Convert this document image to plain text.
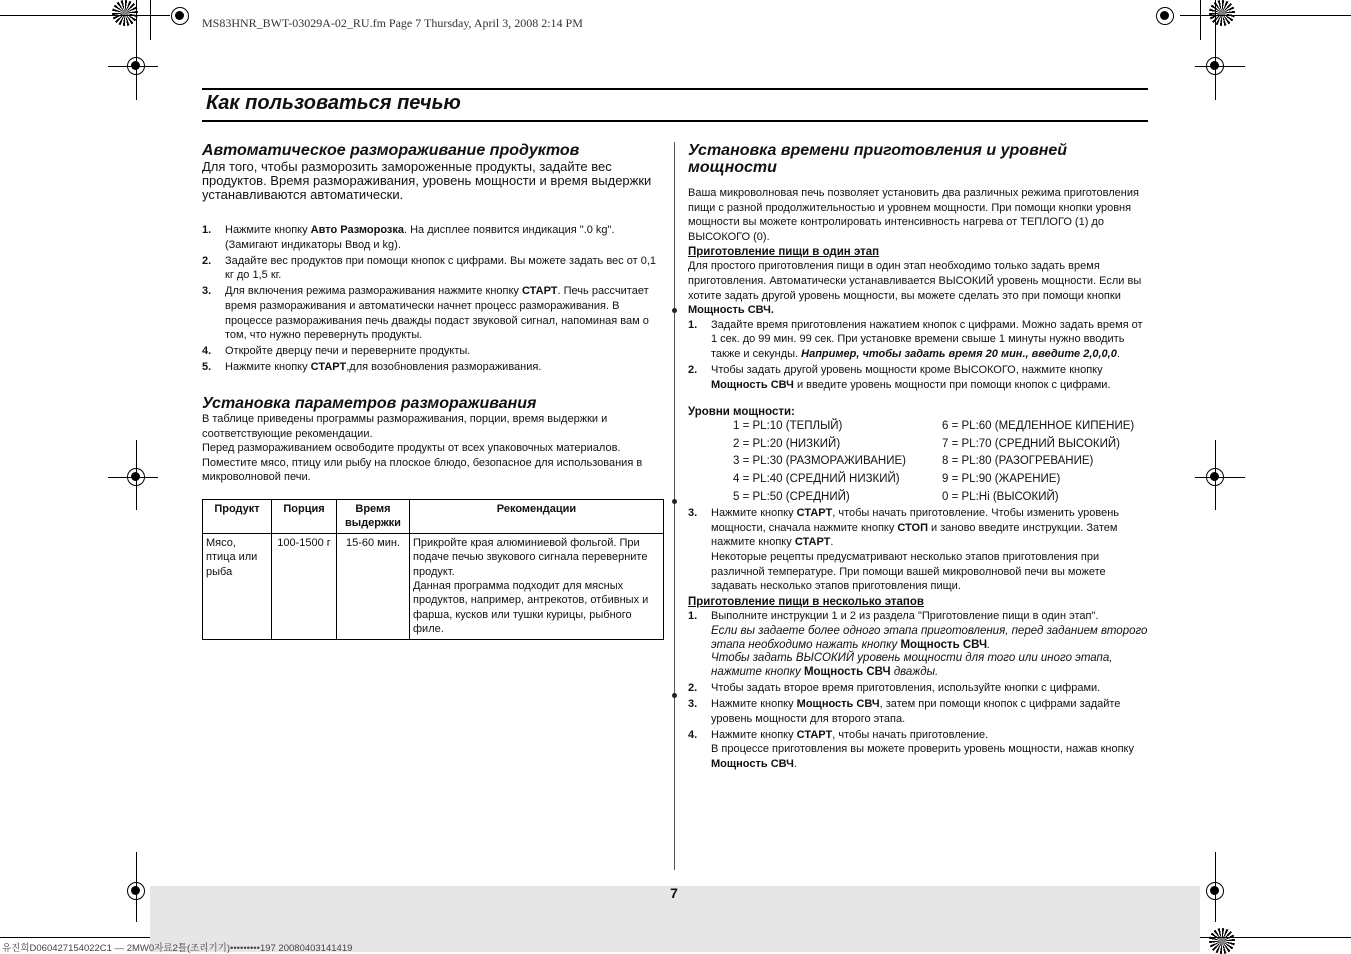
MS83HNR_BWT-03029A-02_RU.fm Page 7 Thursday, April 3, 2008 2:14 PM
Как пользоваться печью
Автоматическое размораживание продуктов

Для того, чтобы разморозить замороженные продукты, задайте вес продуктов. Время размораживания, уровень мощности и время выдержки устанавливаются автоматически.

1. Нажмите кнопку Авто Разморозка. На дисплее появится индикация ".0 kg". (Замигают индикаторы Ввод и kg).
2. Задайте вес продуктов при помощи кнопок с цифрами. Вы можете задать вес от 0,1 кг до 1,5 кг.
3. Для включения режима размораживания нажмите кнопку СТАРТ. Печь рассчитает время размораживания и автоматически начнет процесс размораживания. В процессе размораживания печь дважды подаст звуковой сигнал, напоминая вам о том, что нужно перевернуть продукты.
4. Откройте дверцу печи и переверните продукты.
5. Нажмите кнопку СТАРТ,для возобновления размораживания.
Установка параметров размораживания
В таблице приведены программы размораживания, порции, время выдержки и соответствующие рекомендации.
Перед размораживанием освободите продукты от всех упаковочных материалов. Поместите мясо, птицу или рыбу на плоское блюдо, безопасное для использования в микроволновой печи.
Продукт	Порция	Время выдержки	Рекомендации
Мясо, птица или рыба	100-1500 г	15-60 мин.	Прикройте края алюминиевой фольгой. При подаче печью звукового сигнала переверните продукт.
Данная программа подходит для мясных продуктов, например, антрекотов, отбивных и фарша, кусков или тушки курицы, рыбного филе.
Установка времени приготовления и уровней мощности
Ваша микроволновая печь позволяет установить два различных режима приготовления пищи с разной продолжительностью и уровнем мощности. При помощи кнопки уровня мощности вы можете контролировать интенсивность нагрева от ТЕПЛОГО (1) до ВЫСОКОГО (0).
Приготовление пищи в один этап
Для простого приготовления пищи в один этап необходимо только задать время приготовления. Автоматически устанавливается ВЫСОКИЙ уровень мощности. Если вы хотите задать другой уровень мощности, вы можете сделать это при помощи кнопки Мощность СВЧ.
1. Задайте время приготовления нажатием кнопок с цифрами. Можно задать время от 1 сек. до 99 мин. 99 сек. При установке времени свыше 1 минуты нужно вводить также и секунды. Например, чтобы задать время 20 мин., введите 2,0,0,0.
2. Чтобы задать другой уровень мощности кроме ВЫСОКОГО, нажмите кнопку Мощность СВЧ и введите уровень мощности при помощи кнопок с цифрами.
Уровни мощности:
1 = PL:10 (ТЕПЛЫЙ)	6 = PL:60 (МЕДЛЕННОЕ КИПЕНИЕ)
2 = PL:20 (НИЗКИЙ)	7 = PL:70 (СРЕДНИЙ ВЫСОКИЙ)
3 = PL:30 (РАЗМОРАЖИВАНИЕ)	8 = PL:80 (РАЗОГРЕВАНИЕ)
4 = PL:40 (СРЕДНИЙ НИЗКИЙ)	9 = PL:90 (ЖАРЕНИЕ)
5 = PL:50 (СРЕДНИЙ)	0 = PL:Hi (ВЫСОКИЙ)
3. Нажмите кнопку СТАРТ, чтобы начать приготовление. Чтобы изменить уровень мощности, сначала нажмите кнопку СТОП и заново введите инструкции. Затем нажмите кнопку СТАРТ.
Некоторые рецепты предусматривают несколько этапов приготовления при различной температуре. При помощи вашей микроволновой печи вы можете задавать несколько этапов приготовления пищи.
Приготовление пищи в несколько этапов
1. Выполните инструкции 1 и 2 из раздела "Приготовление пищи в один этап".
Если вы задаете более одного этапа приготовления, перед заданием второго этапа необходимо нажать кнопку Мощность СВЧ.
Чтобы задать ВЫСОКИЙ уровень мощности для того или иного этапа, нажмите кнопку Мощность СВЧ дважды.
2. Чтобы задать второе время приготовления, используйте кнопки с цифрами.
3. Нажмите кнопку Мощность СВЧ, затем при помощи кнопок с цифрами задайте уровень мощности для второго этапа.
4. Нажмите кнопку СТАРТ, чтобы начать приготовление.
В процессе приготовления вы можете проверить уровень мощности, нажав кнопку Мощность СВЧ.
7
유진희D060427154022C1 — 2MW0자료2틀(조리기기)•••••••••197 20080403141419
